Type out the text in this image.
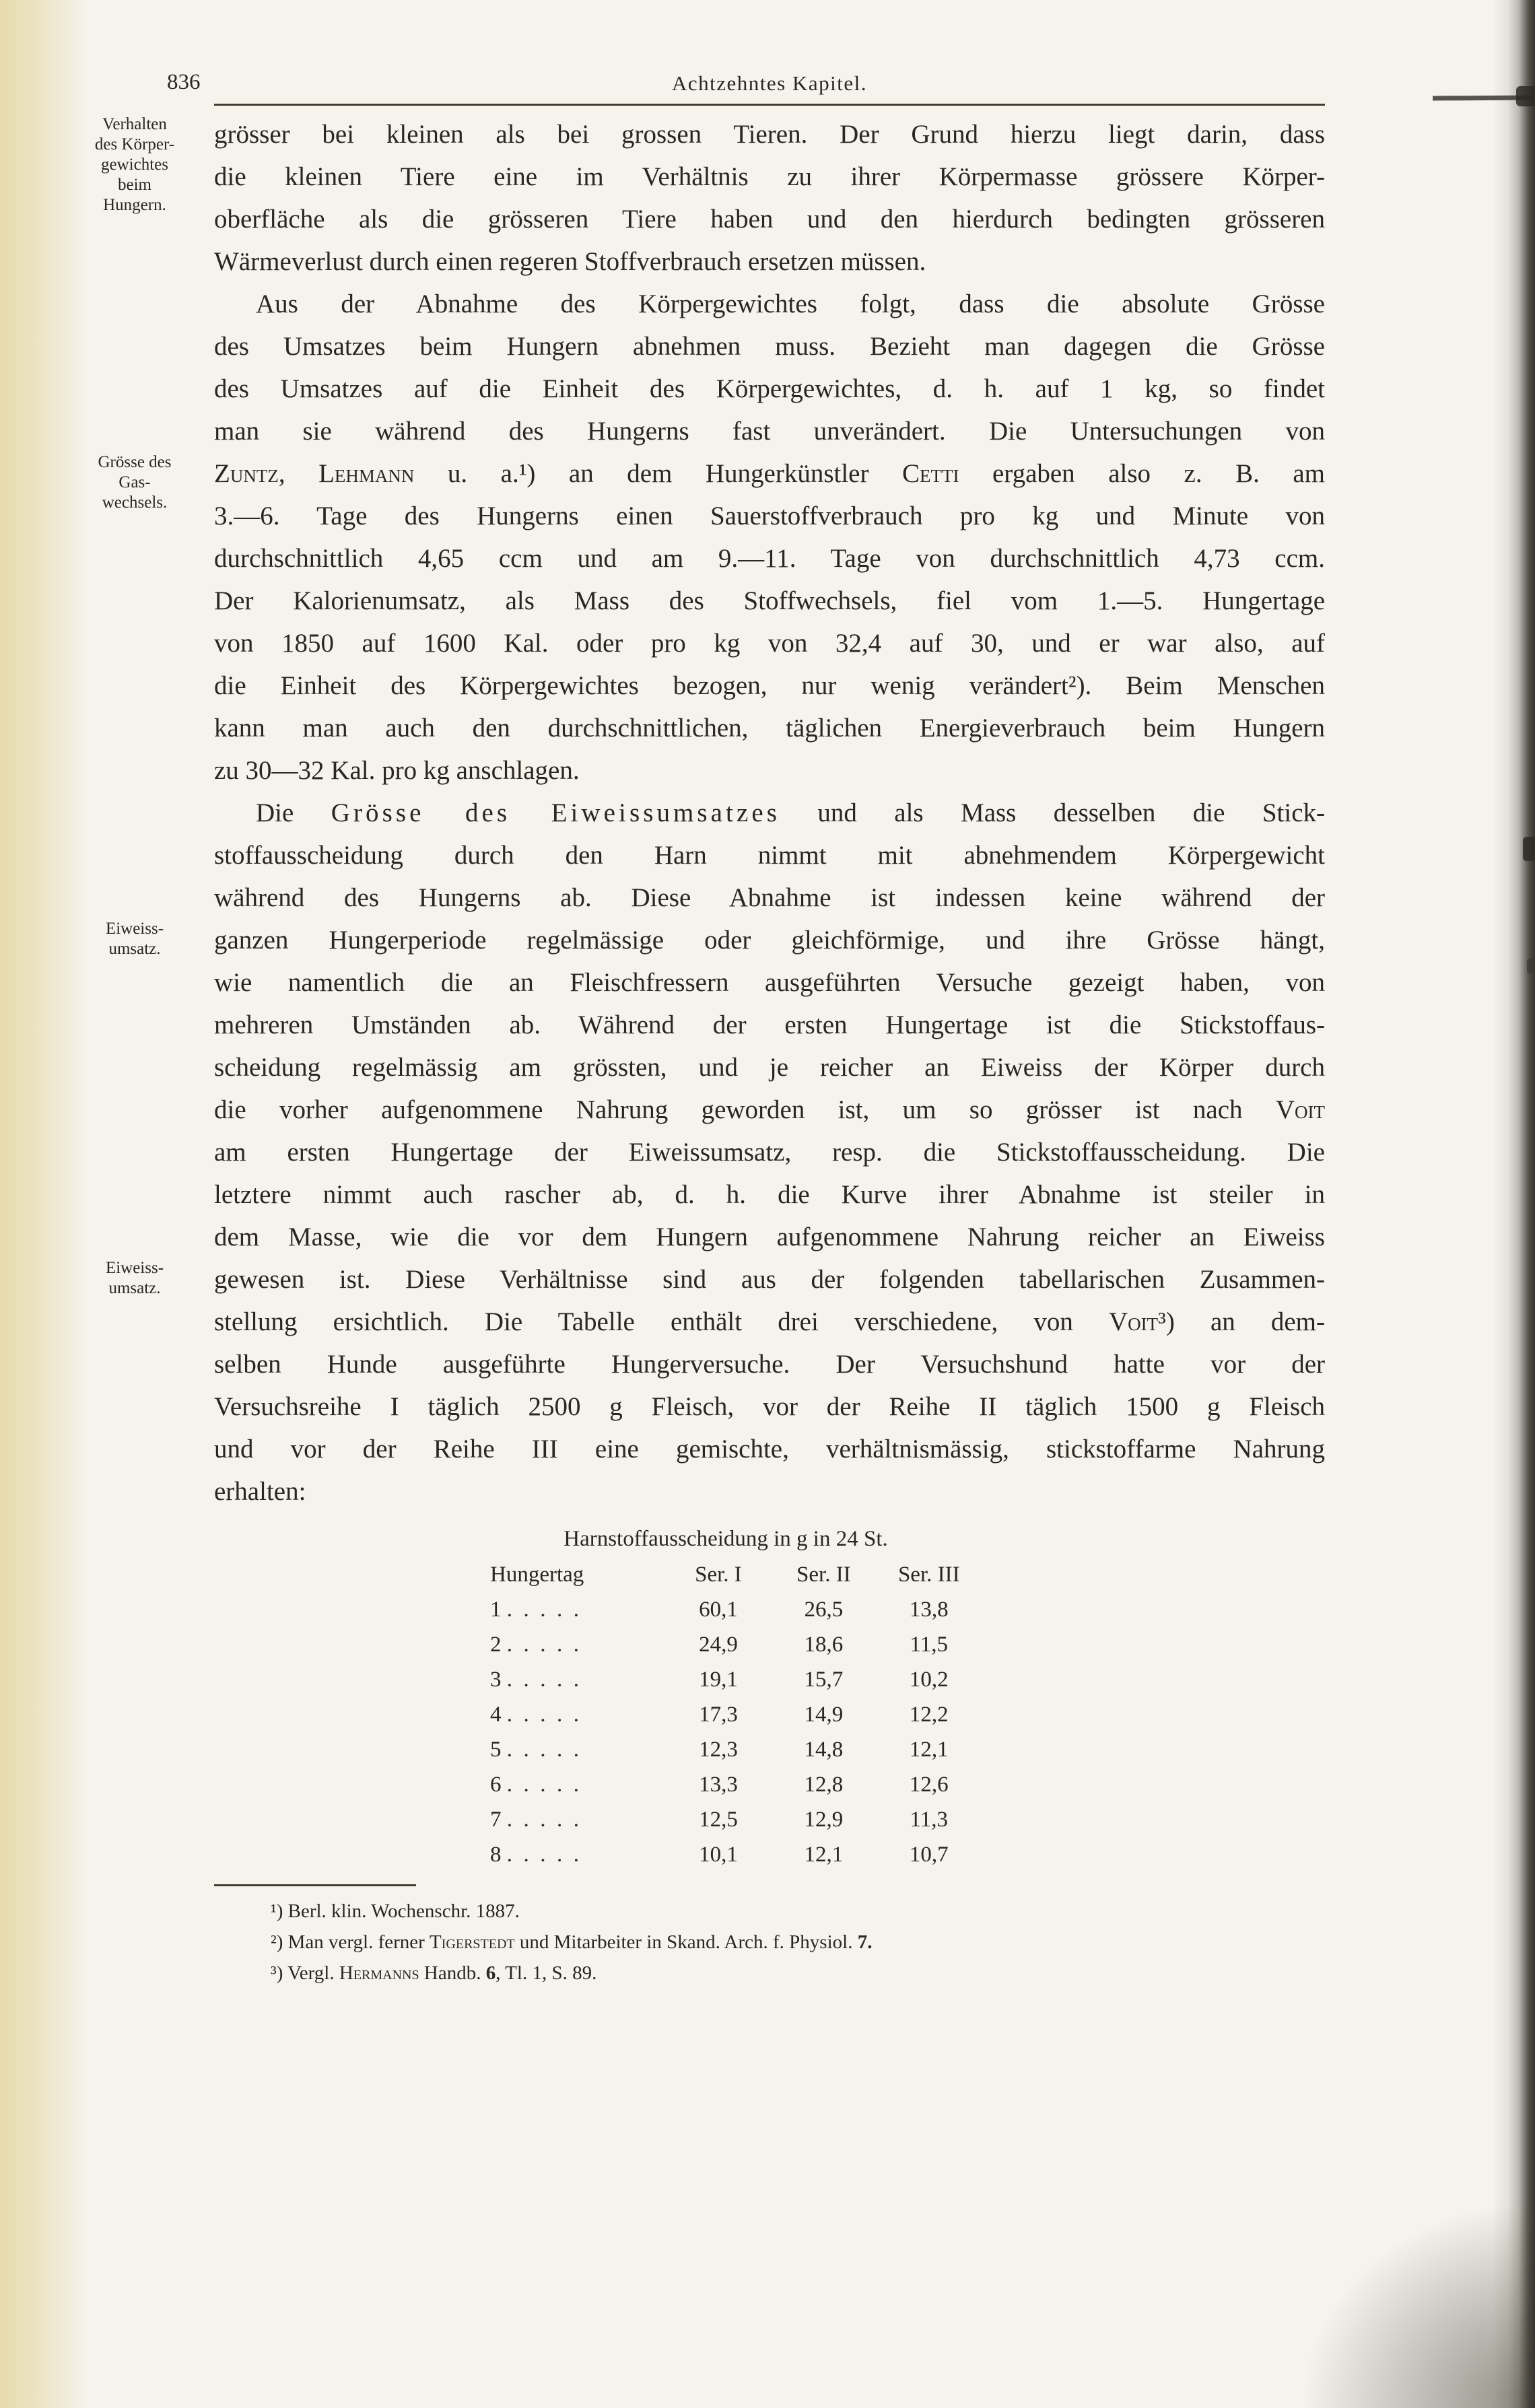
836	Achtzehntes Kapitel.
Verhalten
des Körper-
gewichtes
beim
Hungern.
Grösse des
Gas-
wechsels.
Eiweiss-
umsatz.
Eiweiss-
umsatz.
grösser bei kleinen als bei grossen Tieren. Der Grund hierzu liegt darin, dass
die kleinen Tiere eine im Verhältnis zu ihrer Körpermasse grössere Körper-
oberfläche als die grösseren Tiere haben und den hierdurch bedingten grösseren
Wärmeverlust durch einen regeren Stoffverbrauch ersetzen müssen.
Aus der Abnahme des Körpergewichtes folgt, dass die absolute Grösse
des Umsatzes beim Hungern abnehmen muss. Bezieht man dagegen die Grösse
des Umsatzes auf die Einheit des Körpergewichtes, d. h. auf 1 kg, so findet
man sie während des Hungerns fast unverändert. Die Untersuchungen von
Zuntz, Lehmann u. a.¹) an dem Hungerkünstler Cetti ergaben also z. B. am
3.—6. Tage des Hungerns einen Sauerstoffverbrauch pro kg und Minute von
durchschnittlich 4,65 ccm und am 9.—11. Tage von durchschnittlich 4,73 ccm.
Der Kalorienumsatz, als Mass des Stoffwechsels, fiel vom 1.—5. Hungertage
von 1850 auf 1600 Kal. oder pro kg von 32,4 auf 30, und er war also, auf
die Einheit des Körpergewichtes bezogen, nur wenig verändert²). Beim Menschen
kann man auch den durchschnittlichen, täglichen Energieverbrauch beim Hungern
zu 30—32 Kal. pro kg anschlagen.
Die Grösse des Eiweissumsatzes und als Mass desselben die Stick-
stoffausscheidung durch den Harn nimmt mit abnehmendem Körpergewicht
während des Hungerns ab. Diese Abnahme ist indessen keine während der
ganzen Hungerperiode regelmässige oder gleichförmige, und ihre Grösse hängt,
wie namentlich die an Fleischfressern ausgeführten Versuche gezeigt haben, von
mehreren Umständen ab. Während der ersten Hungertage ist die Stickstoffaus-
scheidung regelmässig am grössten, und je reicher an Eiweiss der Körper durch
die vorher aufgenommene Nahrung geworden ist, um so grösser ist nach Voit
am ersten Hungertage der Eiweissumsatz, resp. die Stickstoffausscheidung. Die
letztere nimmt auch rascher ab, d. h. die Kurve ihrer Abnahme ist steiler in
dem Masse, wie die vor dem Hungern aufgenommene Nahrung reicher an Eiweiss
gewesen ist. Diese Verhältnisse sind aus der folgenden tabellarischen Zusammen-
stellung ersichtlich. Die Tabelle enthält drei verschiedene, von Voit³) an dem-
selben Hunde ausgeführte Hungerversuche. Der Versuchshund hatte vor der
Versuchsreihe I täglich 2500 g Fleisch, vor der Reihe II täglich 1500 g Fleisch
und vor der Reihe III eine gemischte, verhältnismässig, stickstoffarme Nahrung
erhalten:
Harnstoffausscheidung in g in 24 St.
Hungertag	Ser. I	Ser. II	Ser. III
1 . . . . .	60,1	26,5	13,8
2 . . . . .	24,9	18,6	11,5
3 . . . . .	19,1	15,7	10,2
4 . . . . .	17,3	14,9	12,2
5 . . . . .	12,3	14,8	12,1
6 . . . . .	13,3	12,8	12,6
7 . . . . .	12,5	12,9	11,3
8 . . . . .	10,1	12,1	10,7
¹) Berl. klin. Wochenschr. 1887.
²) Man vergl. ferner Tigerstedt und Mitarbeiter in Skand. Arch. f. Physiol. 7.
³) Vergl. Hermanns Handb. 6, Tl. 1, S. 89.
